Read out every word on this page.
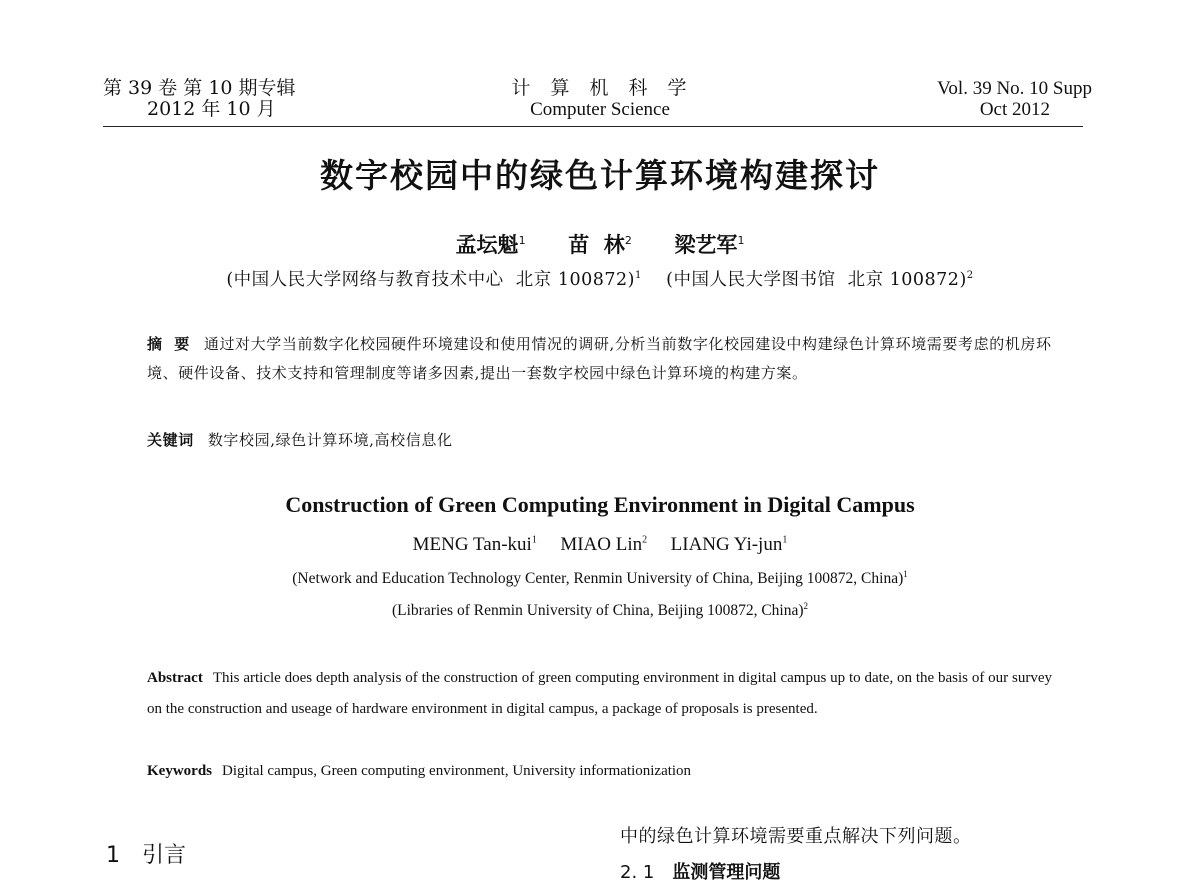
第 39 卷 第 10 期专辑
2012 年 10 月
计算机科学
Computer Science
Vol. 39 No. 10 Supp
Oct 2012
数字校园中的绿色计算环境构建探讨
孟坛魁$^1$ 苗  林$^2$ 梁艺军$^1$
(中国人民大学网络与教育技术中心  北京 100872)$^1$ (中国人民大学图书馆  北京 100872)$^2$
摘  要 通过对大学当前数字化校园硬件环境建设和使用情况的调研,分析当前数字化校园建设中构建绿色计算环境需要考虑的机房环境、硬件设备、技术支持和管理制度等诸多因素,提出一套数字校园中绿色计算环境的构建方案。
关键词 数字校园,绿色计算环境,高校信息化
Construction of Green Computing Environment in Digital Campus
MENG Tan-kui$^1$ MIAO Lin$^2$ LIANG Yi-jun$^1$
(Network and Education Technology Center, Renmin University of China, Beijing 100872, China)$^1$
(Libraries of Renmin University of China, Beijing 100872, China)$^2$
Abstract This article does depth analysis of the construction of green computing environment in digital campus up to date, on the basis of our survey on the construction and useage of hardware environment in digital campus, a package of proposals is presented.
Keywords Digital campus, Green computing environment, University informationization
1 引言
中的绿色计算环境需要重点解决下列问题。
2. 1 监测管理问题
